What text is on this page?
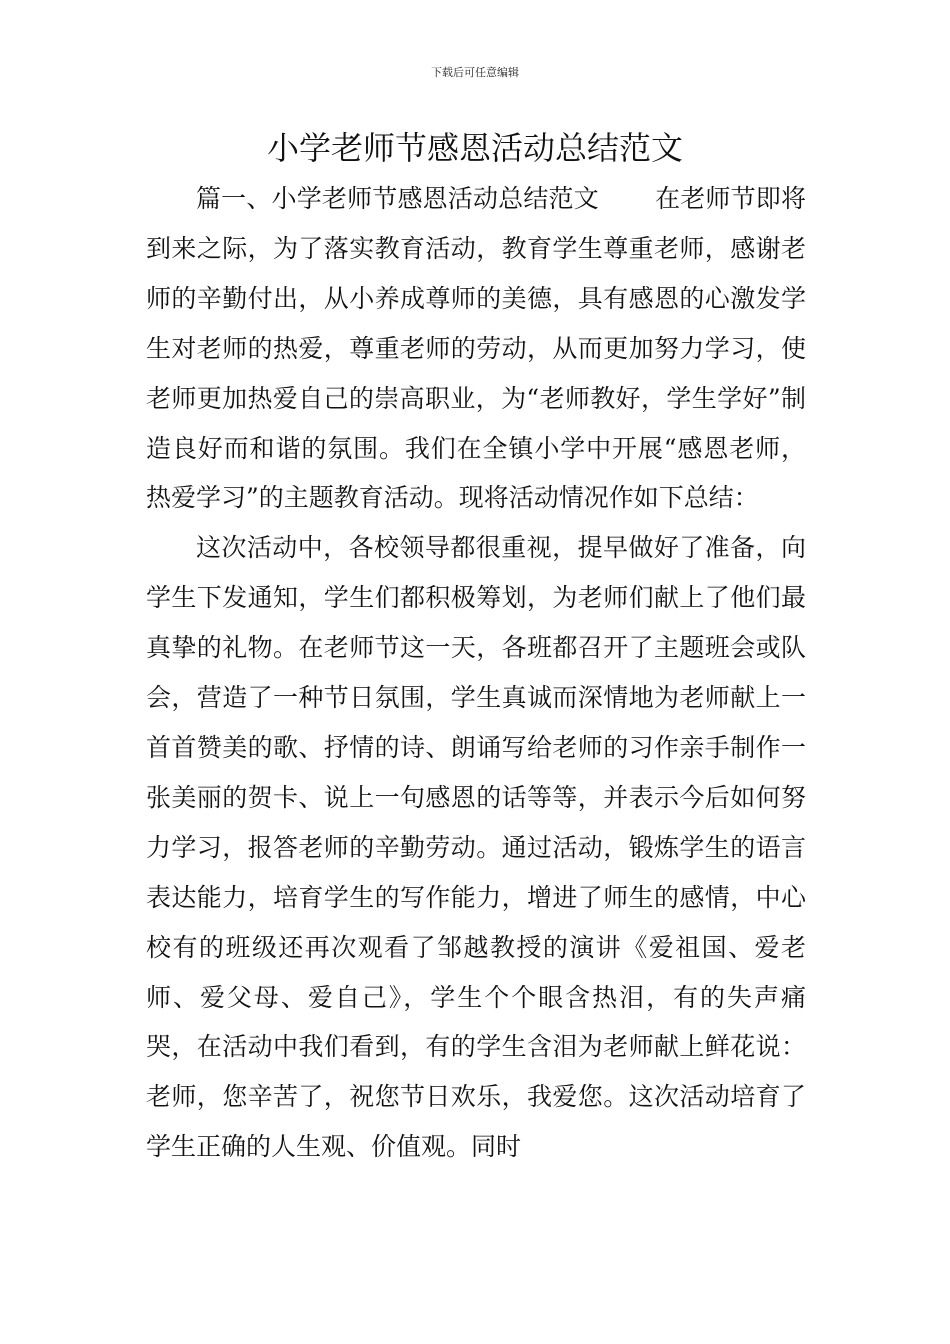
下载后可任意编辑
小学老师节感恩活动总结范文

篇一、小学老师节感恩活动总结范文 在老师节即将到来之际，为了落实教育活动，教育学生尊重老师，感谢老师的辛勤付出，从小养成尊师的美德，具有感恩的心激发学生对老师的热爱，尊重老师的劳动，从而更加努力学习，使老师更加热爱自己的崇高职业，为“老师教好，学生学好”制造良好而和谐的氛围。我们在全镇小学中开展“感恩老师，热爱学习”的主题教育活动。现将活动情况作如下总结：

这次活动中，各校领导都很重视，提早做好了准备，向学生下发通知，学生们都积极筹划，为老师们献上了他们最真挚的礼物。在老师节这一天，各班都召开了主题班会或队会，营造了一种节日氛围，学生真诚而深情地为老师献上一首首赞美的歌、抒情的诗、朗诵写给老师的习作亲手制作一张美丽的贺卡、说上一句感恩的话等等，并表示今后如何努力学习，报答老师的辛勤劳动。通过活动，锻炼学生的语言表达能力，培育学生的写作能力，增进了师生的感情，中心校有的班级还再次观看了邹越教授的演讲《爱祖国、爱老师、爱父母、爱自己》，学生个个眼含热泪，有的失声痛哭，在活动中我们看到，有的学生含泪为老师献上鲜花说：老师，您辛苦了，祝您节日欢乐，我爱您。这次活动培育了学生正确的人生观、价值观。同时
